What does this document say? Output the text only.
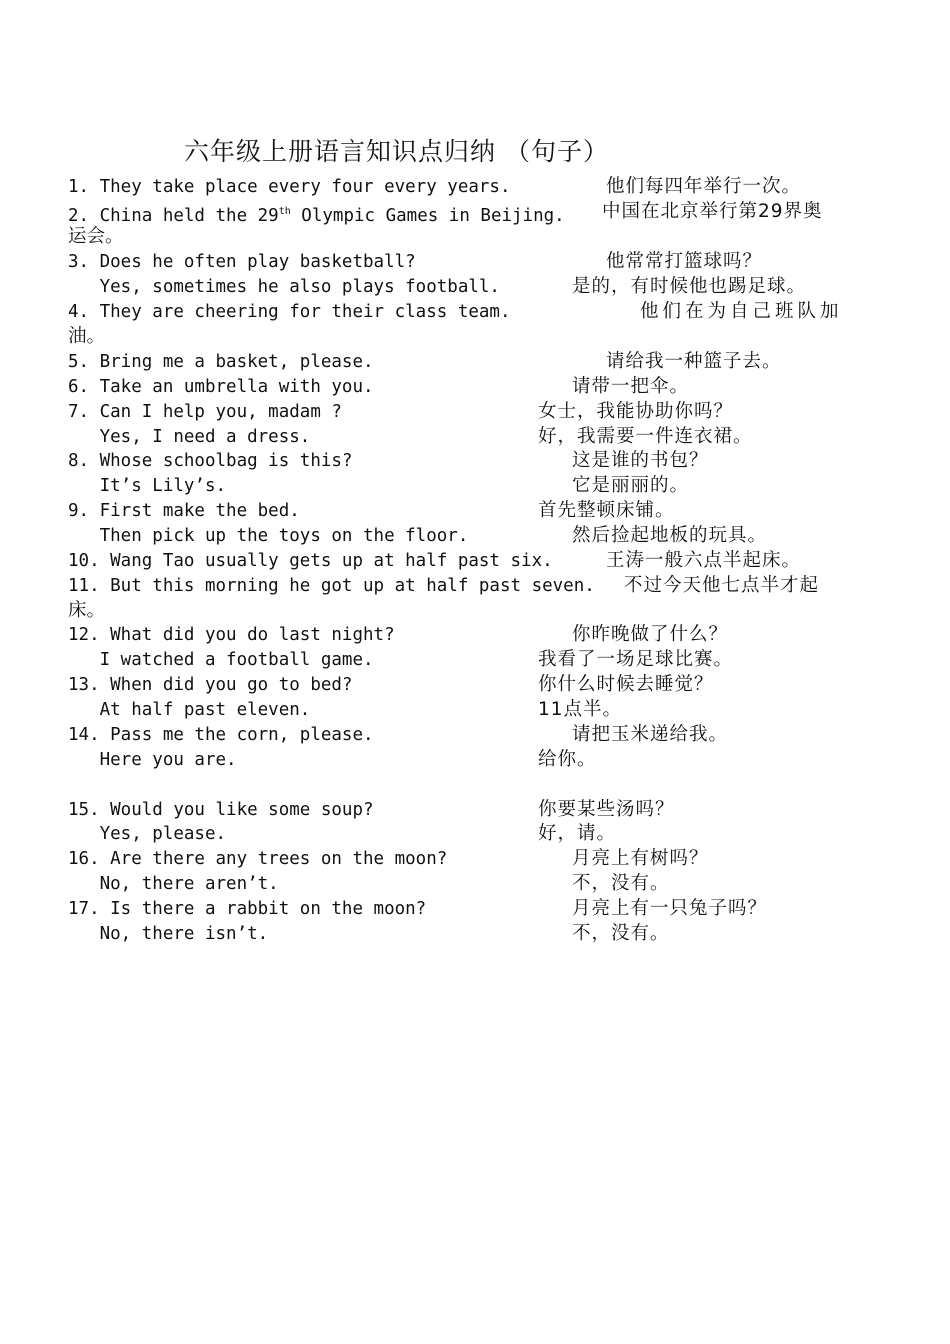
六年级上册语言知识点归纳 （句子）
1. They take place every four every years.	他们每四年举行一次。
2. China held the 29th Olympic Games in Beijing. 中国在北京举行第29界奥
运会。
3. Does he often play basketball?	他常常打篮球吗？
Yes, sometimes he also plays football.	是的，有时候他也踢足球。
4. They are cheering for their class team.	他们在为自己班队加
油。
5. Bring me a basket, please.	请给我一种篮子去。
6. Take an umbrella with you.	请带一把伞。
7. Can I help you, madam ?	女士，我能协助你吗？
Yes, I need a dress.	好，我需要一件连衣裙。
8. Whose schoolbag is this?	这是谁的书包？
It’s Lily’s.	它是丽丽的。
9. First make the bed.	首先整顿床铺。
Then pick up the toys on the floor.	然后捡起地板的玩具。
10. Wang Tao usually gets up at half past six.	王涛一般六点半起床。
11. But this morning he got up at half past seven. 不过今天他七点半才起
床。
12. What did you do last night?	你昨晚做了什么？
I watched a football game.	我看了一场足球比赛。
13. When did you go to bed?	你什么时候去睡觉？
At half past eleven.	11点半。
14. Pass me the corn, please.	请把玉米递给我。
Here you are.	给你。
15. Would you like some soup?	你要某些汤吗？
Yes, please.	好，请。
16. Are there any trees on the moon?	月亮上有树吗？
No, there aren’t.	不，没有。
17. Is there a rabbit on the moon?	月亮上有一只兔子吗？
No, there isn’t.	不，没有。
